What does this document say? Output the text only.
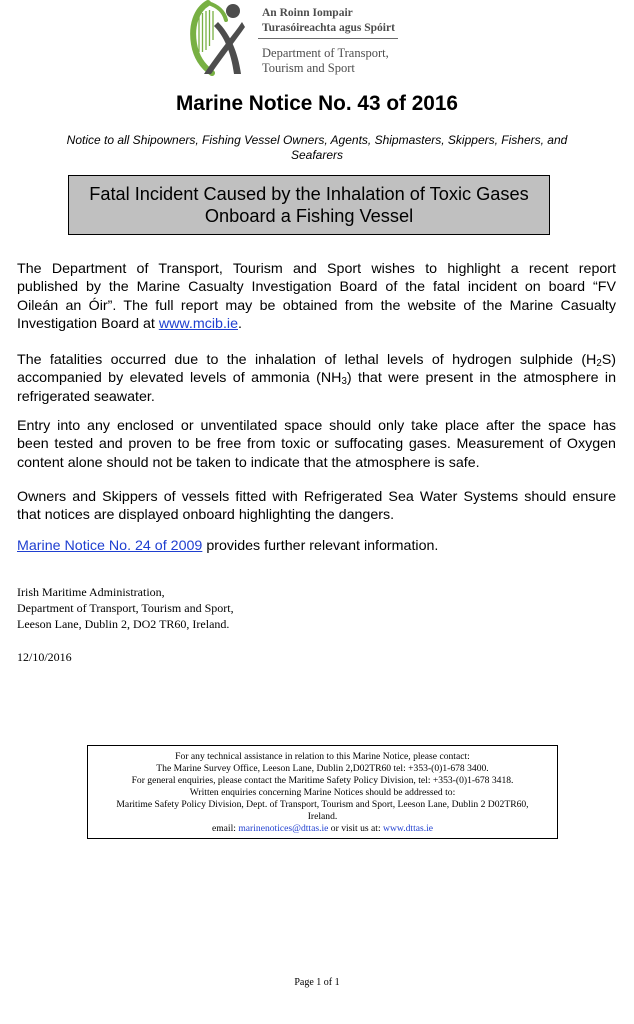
An Roinn Iompair
Turasóireachta agus Spóirt
Department of Transport,
Tourism and Sport
Marine Notice No. 43 of 2016
Notice to all Shipowners, Fishing Vessel Owners, Agents, Shipmasters, Skippers, Fishers, and
Seafarers
Fatal Incident Caused by the Inhalation of Toxic Gases
Onboard a Fishing Vessel
The Department of Transport, Tourism and Sport wishes to highlight a recent report
published by the Marine Casualty Investigation Board of the fatal incident on board “FV
Oileán an Óir”. The full report may be obtained from the website of the Marine Casualty
Investigation Board at www.mcib.ie.
The fatalities occurred due to the inhalation of lethal levels of hydrogen sulphide $(H_2S)$
accompanied by elevated levels of ammonia $(NH_3)$ that were present in the atmosphere in
refrigerated seawater.
Entry into any enclosed or unventilated space should only take place after the space has
been tested and proven to be free from toxic or suffocating gases. Measurement of Oxygen
content alone should not be taken to indicate that the atmosphere is safe.
Owners and Skippers of vessels fitted with Refrigerated Sea Water Systems should ensure
that notices are displayed onboard highlighting the dangers.
Marine Notice No. 24 of 2009 provides further relevant information.
Irish Maritime Administration,
Department of Transport, Tourism and Sport,
Leeson Lane, Dublin 2, DO2 TR60, Ireland.
12/10/2016
For any technical assistance in relation to this Marine Notice, please contact:
The Marine Survey Office, Leeson Lane, Dublin 2,D02TR60 tel: +353-(0)1-678 3400.
For general enquiries, please contact the Maritime Safety Policy Division, tel: +353-(0)1-678 3418.
Written enquiries concerning Marine Notices should be addressed to:
Maritime Safety Policy Division, Dept. of Transport, Tourism and Sport, Leeson Lane, Dublin 2 D02TR60,
Ireland.
email: marinenotices@dttas.ie or visit us at: www.dttas.ie
Page 1 of 1
